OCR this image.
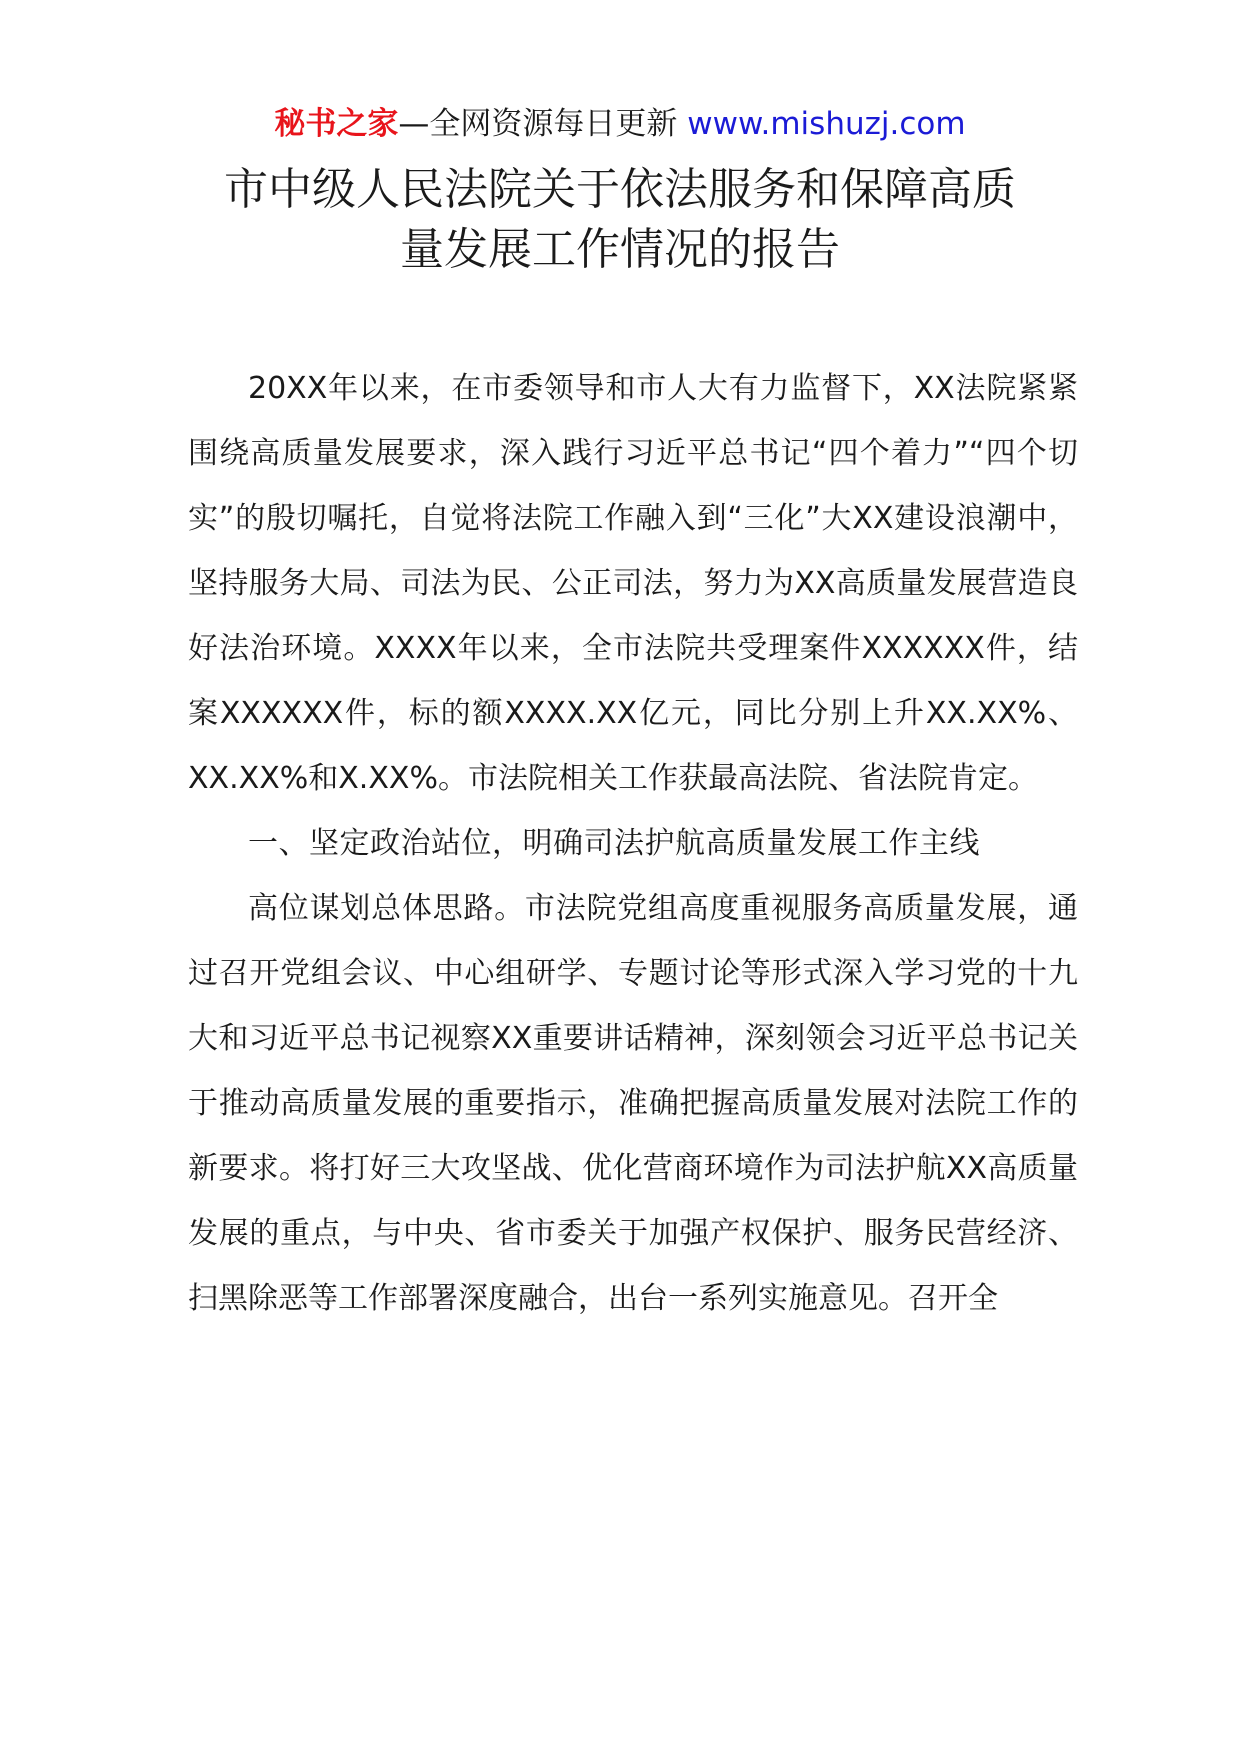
秘书之家—全网资源每日更新 www.mishuzj.com
市中级人民法院关于依法服务和保障高质
量发展工作情况的报告

20XX年以来，在市委领导和市人大有力监督下，XX法院紧紧围绕高质量发展要求，深入践行习近平总书记“四个着力”“四个切实”的殷切嘱托，自觉将法院工作融入到“三化”大XX建设浪潮中，坚持服务大局、司法为民、公正司法，努力为XX高质量发展营造良好法治环境。XXXX年以来，全市法院共受理案件XXXXXX件，结案XXXXXX件，标的额XXXX.XX亿元，同比分别上升XX.XX%、XX.XX%和X.XX%。市法院相关工作获最高法院、省法院肯定。

一、坚定政治站位，明确司法护航高质量发展工作主线

高位谋划总体思路。市法院党组高度重视服务高质量发展，通过召开党组会议、中心组研学、专题讨论等形式深入学习党的十九大和习近平总书记视察XX重要讲话精神，深刻领会习近平总书记关于推动高质量发展的重要指示，准确把握高质量发展对法院工作的新要求。将打好三大攻坚战、优化营商环境作为司法护航XX高质量发展的重点，与中央、省市委关于加强产权保护、服务民营经济、扫黑除恶等工作部署深度融合，出台一系列实施意见。召开全
